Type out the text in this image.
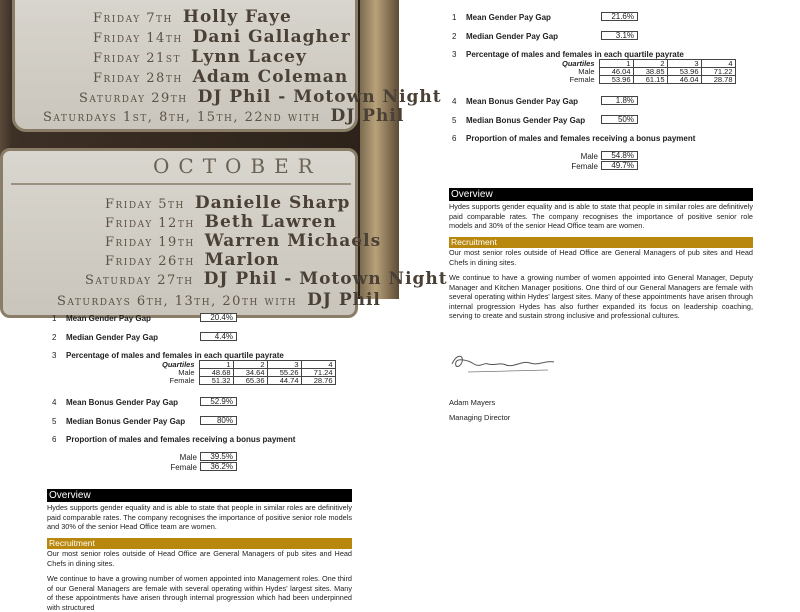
Friday 7th Holly Faye
Friday 14th Dani Gallagher
Friday 21st Lynn Lacey
Friday 28th Adam Coleman
Saturday 29th DJ Phil - Motown Night
Saturdays 1st, 8th, 15th, 22nd with DJ Phil
OCTOBER
Friday 5th Danielle Sharp
Friday 12th Beth Lawren
Friday 19th Warren Michaels
Friday 26th Marlon
Saturday 27th DJ Phil - Motown Night
Saturdays 6th, 13th, 20th with DJ Phil
1 Mean Gender Pay Gap	21.6%
2 Median Gender Pay Gap	3.1%
3 Percentage of males and females in each quartile payrate
Quartiles	1	2	3	4
Male	46.04	38.85	53.96	71.22
Female	53.96	61.15	46.04	28.78
4 Mean Bonus Gender Pay Gap	1.8%
5 Median Bonus Gender Pay Gap	50%
6 Proportion of males and females receiving a bonus payment
Male	54.8%
Female	49.7%
Overview
Hydes supports gender equality and is able to state that people in similar roles are definitively paid comparable rates. The company recognises the importance of positive senior role models and 30% of the senior Head Office team are women.
Recruitment
Our most senior roles outside of Head Office are General Managers of pub sites and Head Chefs in dining sites.
We continue to have a growing number of women appointed into General Manager, Deputy Manager and Kitchen Manager positions. One third of our General Managers are female with several operating within Hydes' largest sites. Many of these appointments have arisen through internal progression Hydes has also further expanded its focus on leadership coaching, serving to create and sustain strong inclusive and professional cultures.
Adam Mayers
Managing Director
1 Mean Gender Pay Gap	20.4%
2 Median Gender Pay Gap	4.4%
3 Percentage of males and females in each quartile payrate
Quartiles	1	2	3	4
Male	48.68	34.64	55.26	71.24
Female	51.32	65.36	44.74	28.76
4 Mean Bonus Gender Pay Gap	52.9%
5 Median Bonus Gender Pay Gap	80%
6 Proportion of males and females receiving a bonus payment
Male	39.5%
Female	36.2%
Overview
Hydes supports gender equality and is able to state that people in similar roles are definitively paid comparable rates. The company recognises the importance of positive senior role models and 30% of the senior Head Office team are women.
Recruitment
Our most senior roles outside of Head Office are General Managers of pub sites and Head Chefs in dining sites.
We continue to have a growing number of women appointed into Management roles. One third of our General Managers are female with several operating within Hydes' largest sites. Many of these appointments have arisen through internal progression which had been underpinned with structured
